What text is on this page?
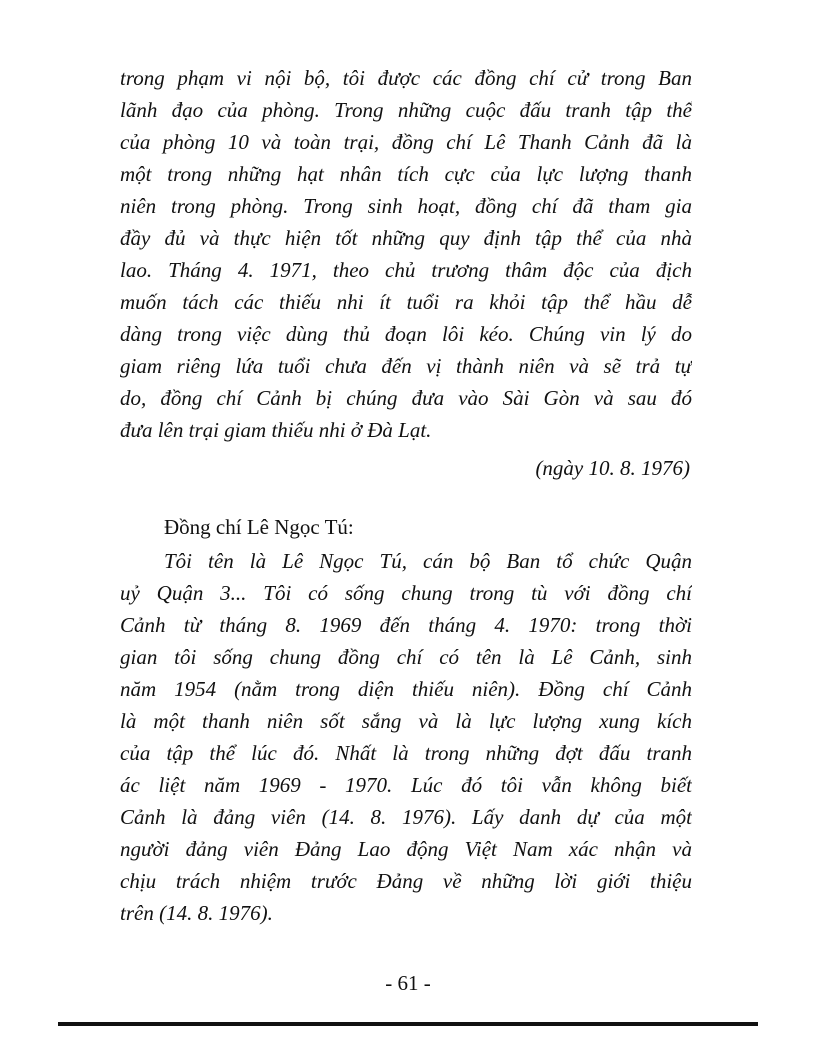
trong phạm vi nội bộ, tôi được các đồng chí cử trong Ban
lãnh đạo của phòng. Trong những cuộc đấu tranh tập thể
của phòng 10 và toàn trại, đồng chí Lê Thanh Cảnh đã là
một trong những hạt nhân tích cực của lực lượng thanh
niên trong phòng. Trong sinh hoạt, đồng chí đã tham gia
đầy đủ và thực hiện tốt những quy định tập thể của nhà
lao. Tháng 4. 1971, theo chủ trương thâm độc của địch
muốn tách các thiếu nhi ít tuổi ra khỏi tập thể hầu dễ
dàng trong việc dùng thủ đoạn lôi kéo. Chúng vin lý do
giam riêng lứa tuổi chưa đến vị thành niên và sẽ trả tự
do, đồng chí Cảnh bị chúng đưa vào Sài Gòn và sau đó
đưa lên trại giam thiếu nhi ở Đà Lạt.
(ngày 10. 8. 1976)
Đồng chí Lê Ngọc Tú:
Tôi tên là Lê Ngọc Tú, cán bộ Ban tổ chức Quận
uỷ Quận 3... Tôi có sống chung trong tù với đồng chí
Cảnh từ tháng 8. 1969 đến tháng 4. 1970: trong thời
gian tôi sống chung đồng chí có tên là Lê Cảnh, sinh
năm 1954 (nằm trong diện thiếu niên). Đồng chí Cảnh
là một thanh niên sốt sắng và là lực lượng xung kích
của tập thể lúc đó. Nhất là trong những đợt đấu tranh
ác liệt năm 1969 - 1970. Lúc đó tôi vẫn không biết
Cảnh là đảng viên (14. 8. 1976). Lấy danh dự của một
người đảng viên Đảng Lao động Việt Nam xác nhận và
chịu trách nhiệm trước Đảng về những lời giới thiệu
trên (14. 8. 1976).
- 61 -
